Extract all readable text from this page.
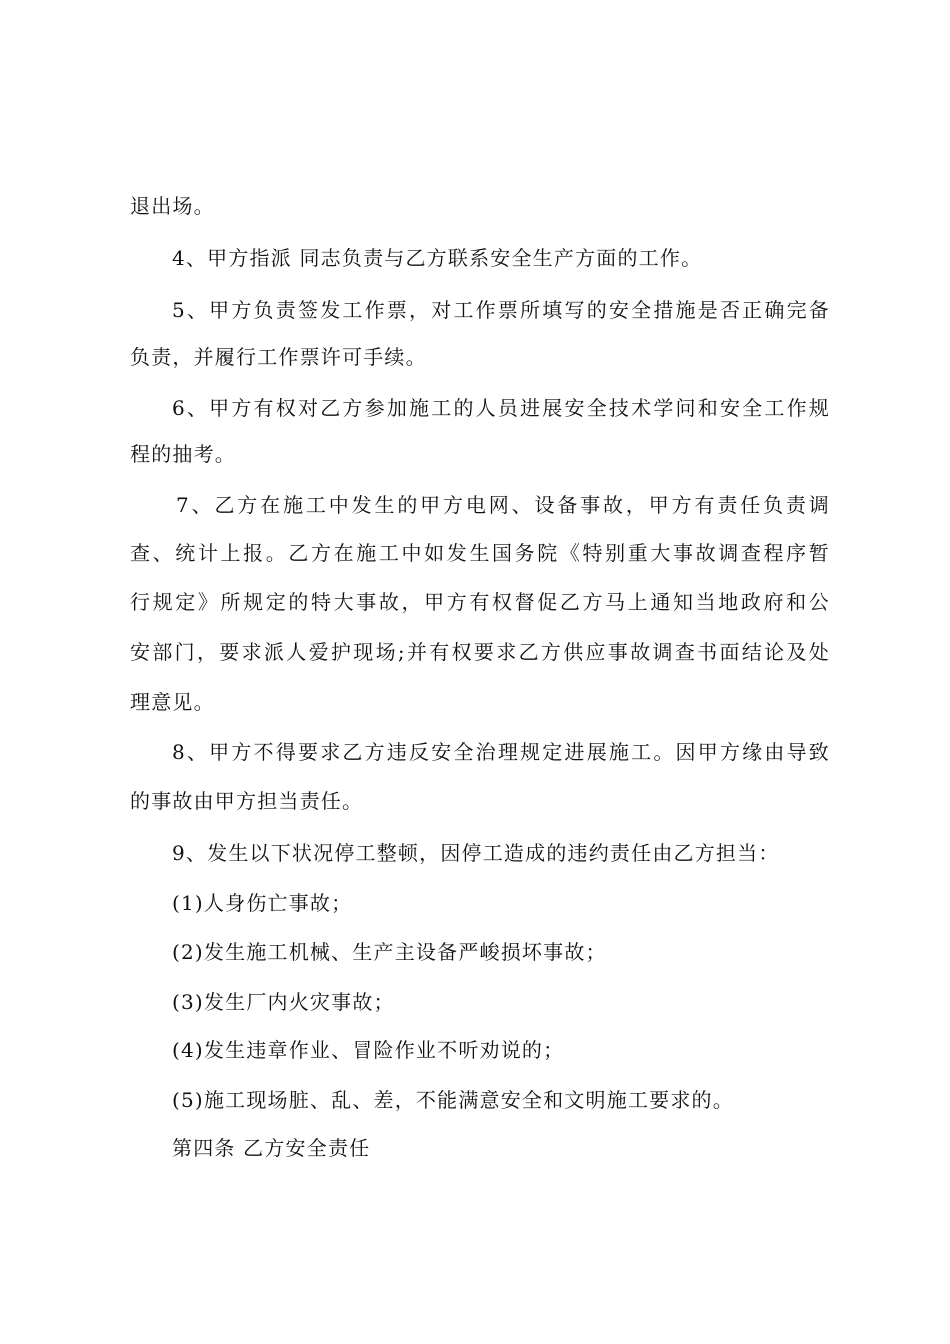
退出场。
4、甲方指派 同志负责与乙方联系安全生产方面的工作。
5、甲方负责签发工作票，对工作票所填写的安全措施是否正确完备
负责，并履行工作票许可手续。
6、甲方有权对乙方参加施工的人员进展安全技术学问和安全工作规
程的抽考。
7、乙方在施工中发生的甲方电网、设备事故，甲方有责任负责调
查、统计上报。乙方在施工中如发生国务院《特别重大事故调查程序暂
行规定》所规定的特大事故，甲方有权督促乙方马上通知当地政府和公
安部门，要求派人爱护现场;并有权要求乙方供应事故调查书面结论及处
理意见。
8、甲方不得要求乙方违反安全治理规定进展施工。因甲方缘由导致
的事故由甲方担当责任。
9、发生以下状况停工整顿，因停工造成的违约责任由乙方担当：
(1)人身伤亡事故；
(2)发生施工机械、生产主设备严峻损坏事故；
(3)发生厂内火灾事故；
(4)发生违章作业、冒险作业不听劝说的；
(5)施工现场脏、乱、差，不能满意安全和文明施工要求的。
第四条 乙方安全责任
